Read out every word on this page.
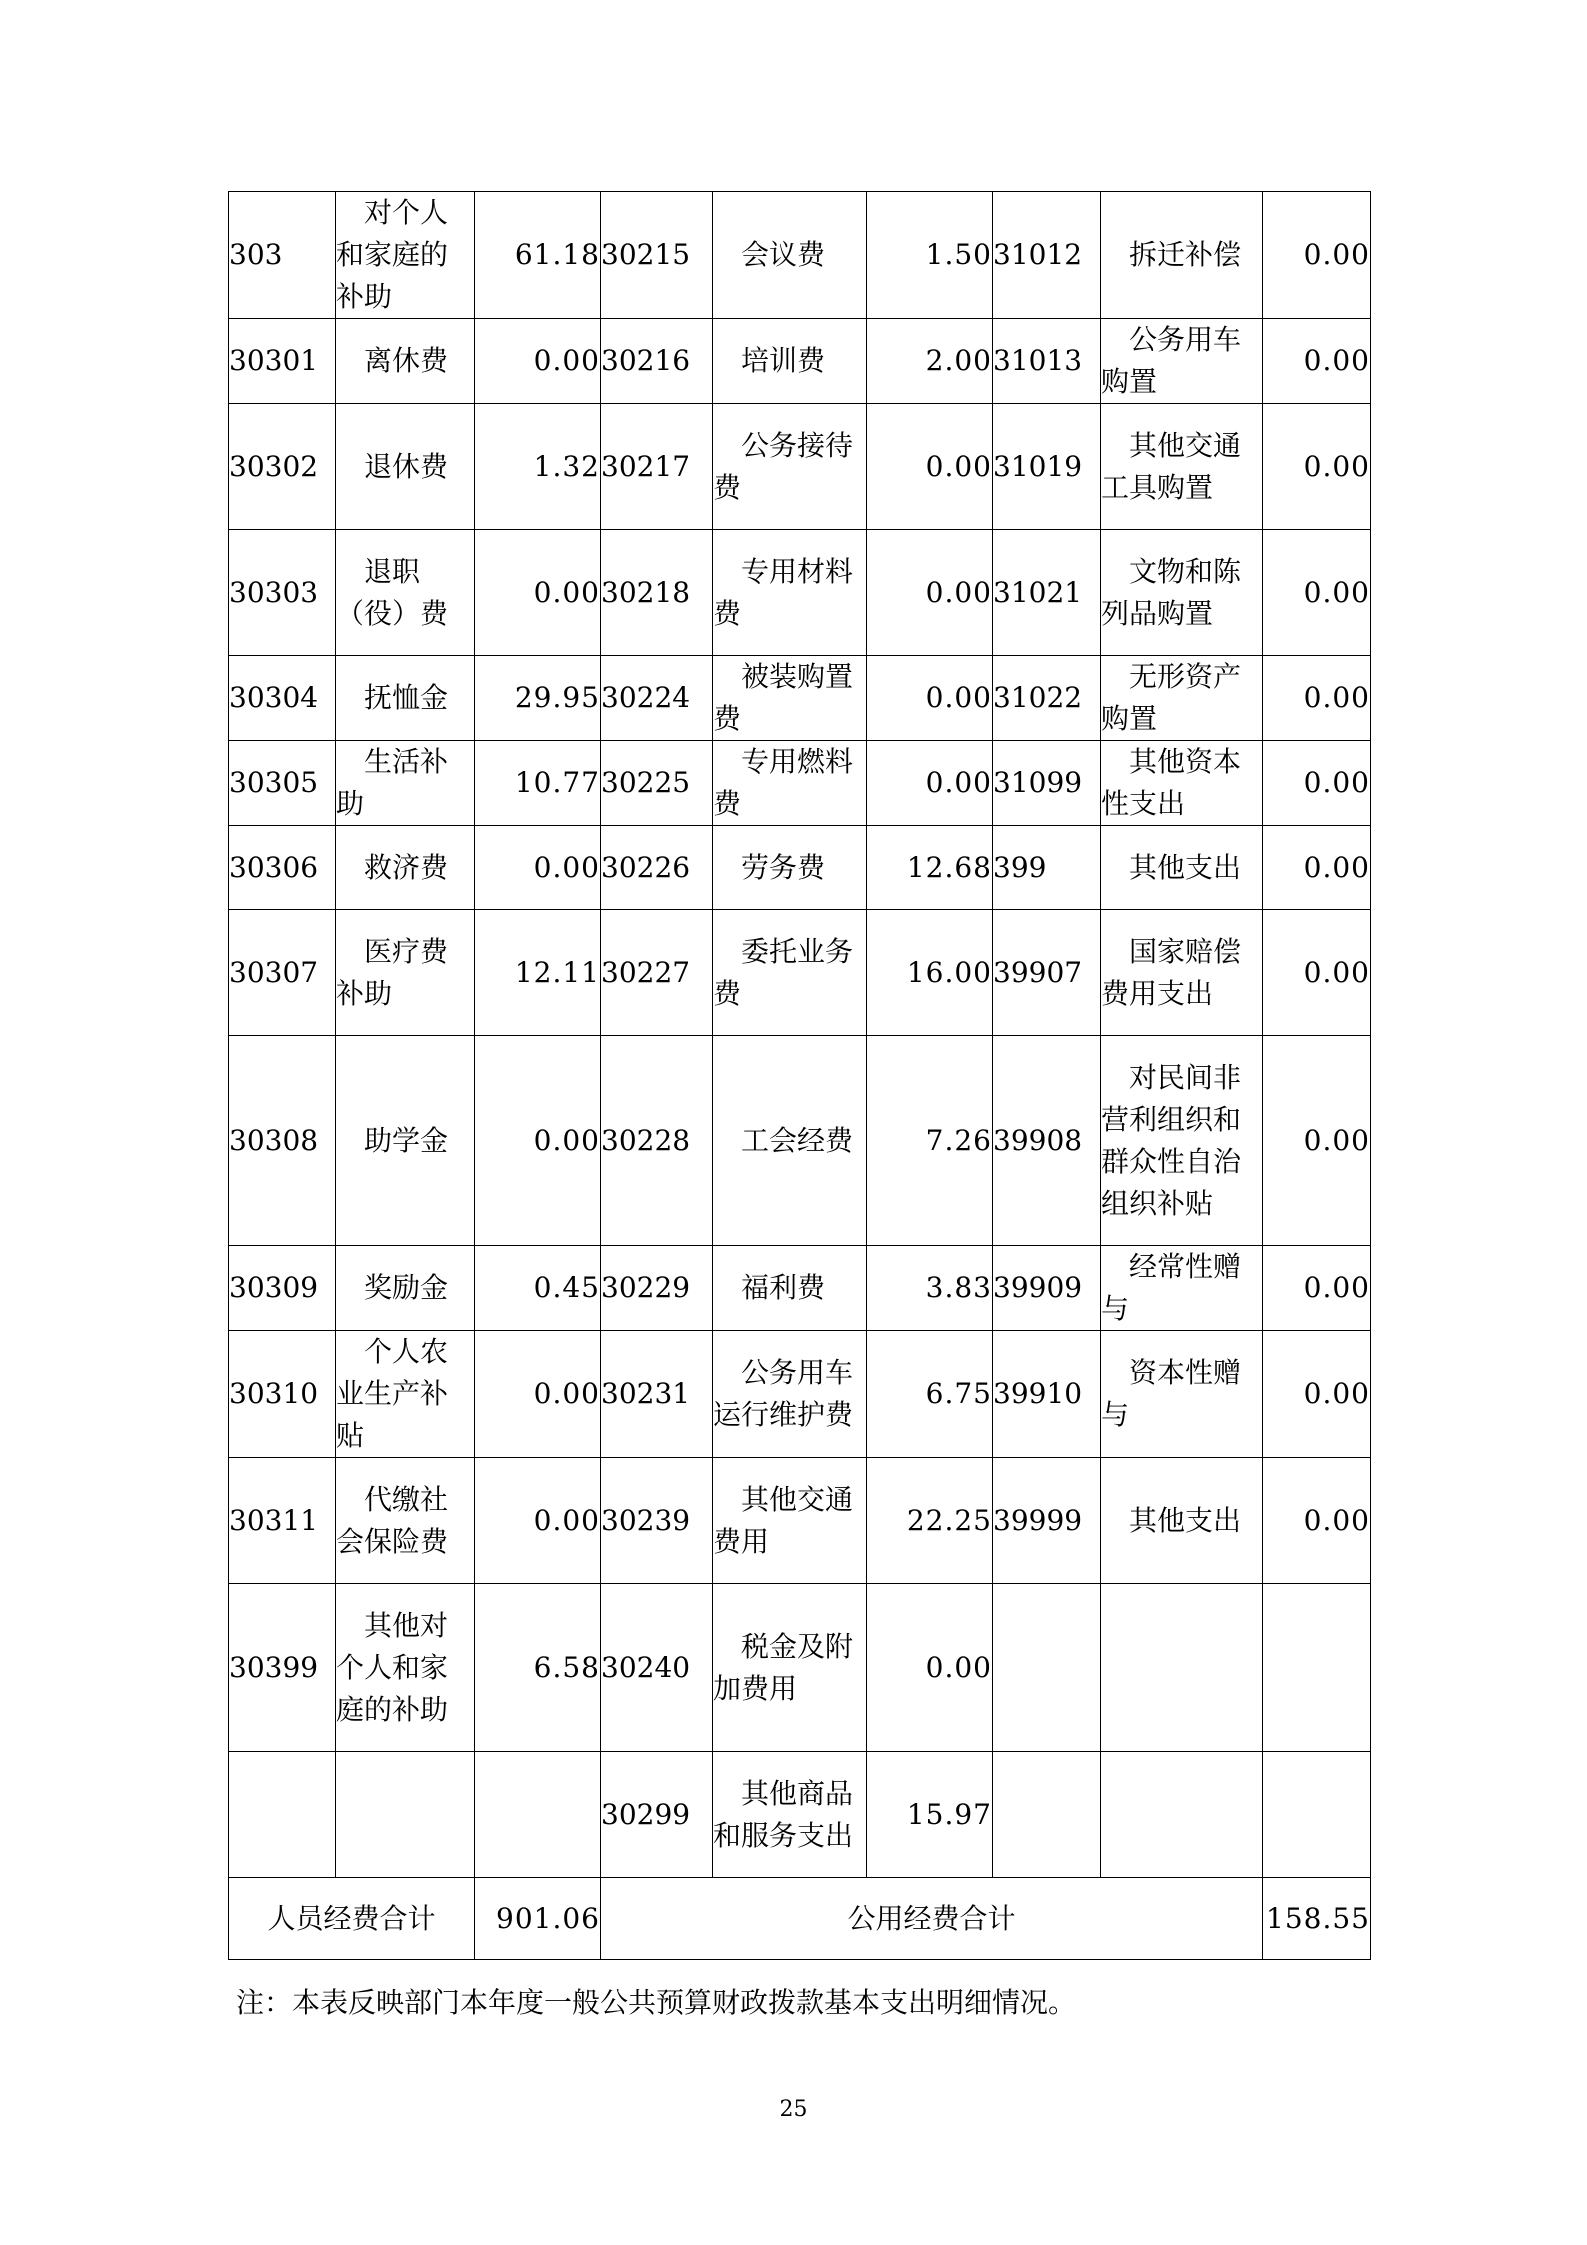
303	对个人和家庭的补助	61.18	30215	会议费	1.50	31012	拆迁补偿	0.00
30301	离休费	0.00	30216	培训费	2.00	31013	公务用车购置	0.00
30302	退休费	1.32	30217	公务接待费	0.00	31019	其他交通工具购置	0.00
30303	退职（役）费	0.00	30218	专用材料费	0.00	31021	文物和陈列品购置	0.00
30304	抚恤金	29.95	30224	被装购置费	0.00	31022	无形资产购置	0.00
30305	生活补助	10.77	30225	专用燃料费	0.00	31099	其他资本性支出	0.00
30306	救济费	0.00	30226	劳务费	12.68	399	其他支出	0.00
30307	医疗费补助	12.11	30227	委托业务费	16.00	39907	国家赔偿费用支出	0.00
30308	助学金	0.00	30228	工会经费	7.26	39908	对民间非营利组织和群众性自治组织补贴	0.00
30309	奖励金	0.45	30229	福利费	3.83	39909	经常性赠与	0.00
30310	个人农业生产补贴	0.00	30231	公务用车运行维护费	6.75	39910	资本性赠与	0.00
30311	代缴社会保险费	0.00	30239	其他交通费用	22.25	39999	其他支出	0.00
30399	其他对个人和家庭的补助	6.58	30240	税金及附加费用	0.00			
			30299	其他商品和服务支出	15.97			
人员经费合计		901.06	公用经费合计					158.55
注：本表反映部门本年度一般公共预算财政拨款基本支出明细情况。
25
